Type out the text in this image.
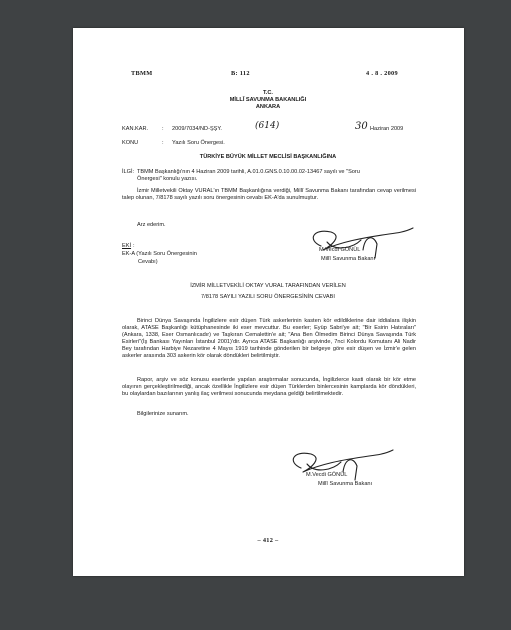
TBMM	B: 112	4 . 8 . 2009
T.C.
MİLLÎ SAVUNMA BAKANLIĞI
ANKARA
KAN.KAR. : 2009/7034/ND-ŞŞY.	(614)	30 Haziran 2009
KONU	: Yazılı Soru Önergesi.
TÜRKİYE BÜYÜK MİLLET MECLİSİ BAŞKANLIĞINA
İLGİ: TBMM Başkanlığı'nın 4 Haziran 2009 tarihli, A.01.0.GNS.0.10.00.02-13467 sayılı ve "Soru
Önergesi" konulu yazısı.
İzmir Milletvekili Oktay VURAL'ın TBMM Başkanlığına verdiği, Millî Savunma Bakanı tarafından cevap verilmesi talep olunan, 7/8178 sayılı yazılı soru önergesinin cevabı EK-A'da sunulmuştur.
Arz ederim.
M.Vecdi GÖNÜL
Millî Savunma Bakanı
EKİ :
EK-A (Yazılı Soru Önergesinin
Cevabı)
İZMİR MİLLETVEKİLİ OKTAY VURAL TARAFINDAN VERİLEN
7/8178 SAYILI YAZILI SORU ÖNERGESİNİN CEVABI
Birinci Dünya Savaşında İngilizlere esir düşen Türk askerlerinin kasten kör edildiklerine dair iddialara ilişkin olarak, ATASE Başkanlığı kütüphanesinde iki eser mevcuttur. Bu eserler; Eyüp Sabri'ye ait; "Bir Esirin Hatıraları" (Ankara, 1338, Eser Osmanlıcadır) ve Taşkıran Cemalettin'e ait; "Ana Ben Ölmedim Birinci Dünya Savaşında Türk Esirleri"(İş Bankası Yayınları İstanbul 2001)'dir. Ayrıca ATASE Başkanlığı arşivinde, 7nci Kolordu Komutanı Ali Nadir Bey tarafından Harbiye Nezaretine 4 Mayıs 1919 tarihinde gönderilen bir belgeye göre esir düşen ve İzmir'e gelen askerler arasında 303 askerin kör olarak döndükleri belirtilmiştir.
Rapor, arşiv ve söz konusu eserlerde yapılan araştırmalar sonucunda, İngilizlerce kasti olarak bir kör etme olayının gerçekleştirilmediği, ancak özellikle İngilizlere esir düşen Türklerden binlercesinin kamplarda kör döndükleri, bu olaylardan bazılarının yanlış ilaç verilmesi sonucunda meydana geldiği belirtilmektedir.
Bilgilerinize sunarım.
M.Vecdi GÖNÜL
Millî Savunma Bakanı
– 412 –
